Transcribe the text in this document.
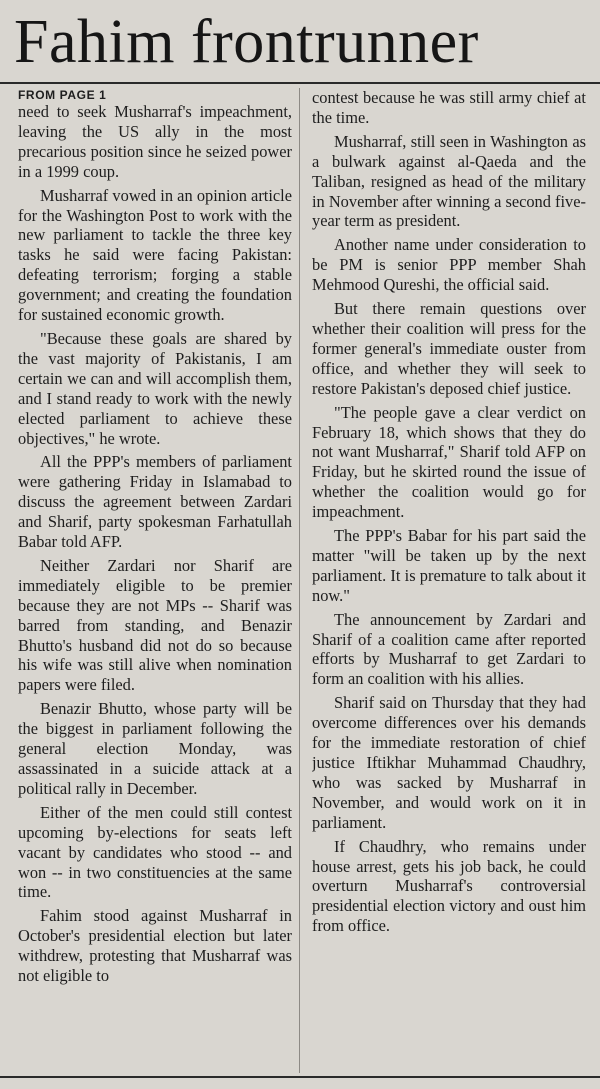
Fahim frontrunner

FROM PAGE 1
need to seek Musharraf's impeachment, leaving the US ally in the most precarious position since he seized power in a 1999 coup.

Musharraf vowed in an opinion article for the Washington Post to work with the new parliament to tackle the three key tasks he said were facing Pakistan: defeating terrorism; forging a stable government; and creating the foundation for sustained economic growth.

"Because these goals are shared by the vast majority of Pakistanis, I am certain we can and will accomplish them, and I stand ready to work with the newly elected parliament to achieve these objectives," he wrote.

All the PPP's members of parliament were gathering Friday in Islamabad to discuss the agreement between Zardari and Sharif, party spokesman Farhatullah Babar told AFP.

Neither Zardari nor Sharif are immediately eligible to be premier because they are not MPs -- Sharif was barred from standing, and Benazir Bhutto's husband did not do so because his wife was still alive when nomination papers were filed.

Benazir Bhutto, whose party will be the biggest in parliament following the general election Monday, was assassinated in a suicide attack at a political rally in December.

Either of the men could still contest upcoming by-elections for seats left vacant by candidates who stood -- and won -- in two constituencies at the same time.

Fahim stood against Musharraf in October's presidential election but later withdrew, protesting that Musharraf was not eligible to

contest because he was still army chief at the time.

Musharraf, still seen in Washington as a bulwark against al-Qaeda and the Taliban, resigned as head of the military in November after winning a second five-year term as president.

Another name under consideration to be PM is senior PPP member Shah Mehmood Qureshi, the official said.

But there remain questions over whether their coalition will press for the former general's immediate ouster from office, and whether they will seek to restore Pakistan's deposed chief justice.

"The people gave a clear verdict on February 18, which shows that they do not want Musharraf," Sharif told AFP on Friday, but he skirted round the issue of whether the coalition would go for impeachment.

The PPP's Babar for his part said the matter "will be taken up by the next parliament. It is premature to talk about it now."

The announcement by Zardari and Sharif of a coalition came after reported efforts by Musharraf to get Zardari to form an coalition with his allies.

Sharif said on Thursday that they had overcome differences over his demands for the immediate restoration of chief justice Iftikhar Muhammad Chaudhry, who was sacked by Musharraf in November, and would work on it in parliament.

If Chaudhry, who remains under house arrest, gets his job back, he could overturn Musharraf's controversial presidential election victory and oust him from office.
